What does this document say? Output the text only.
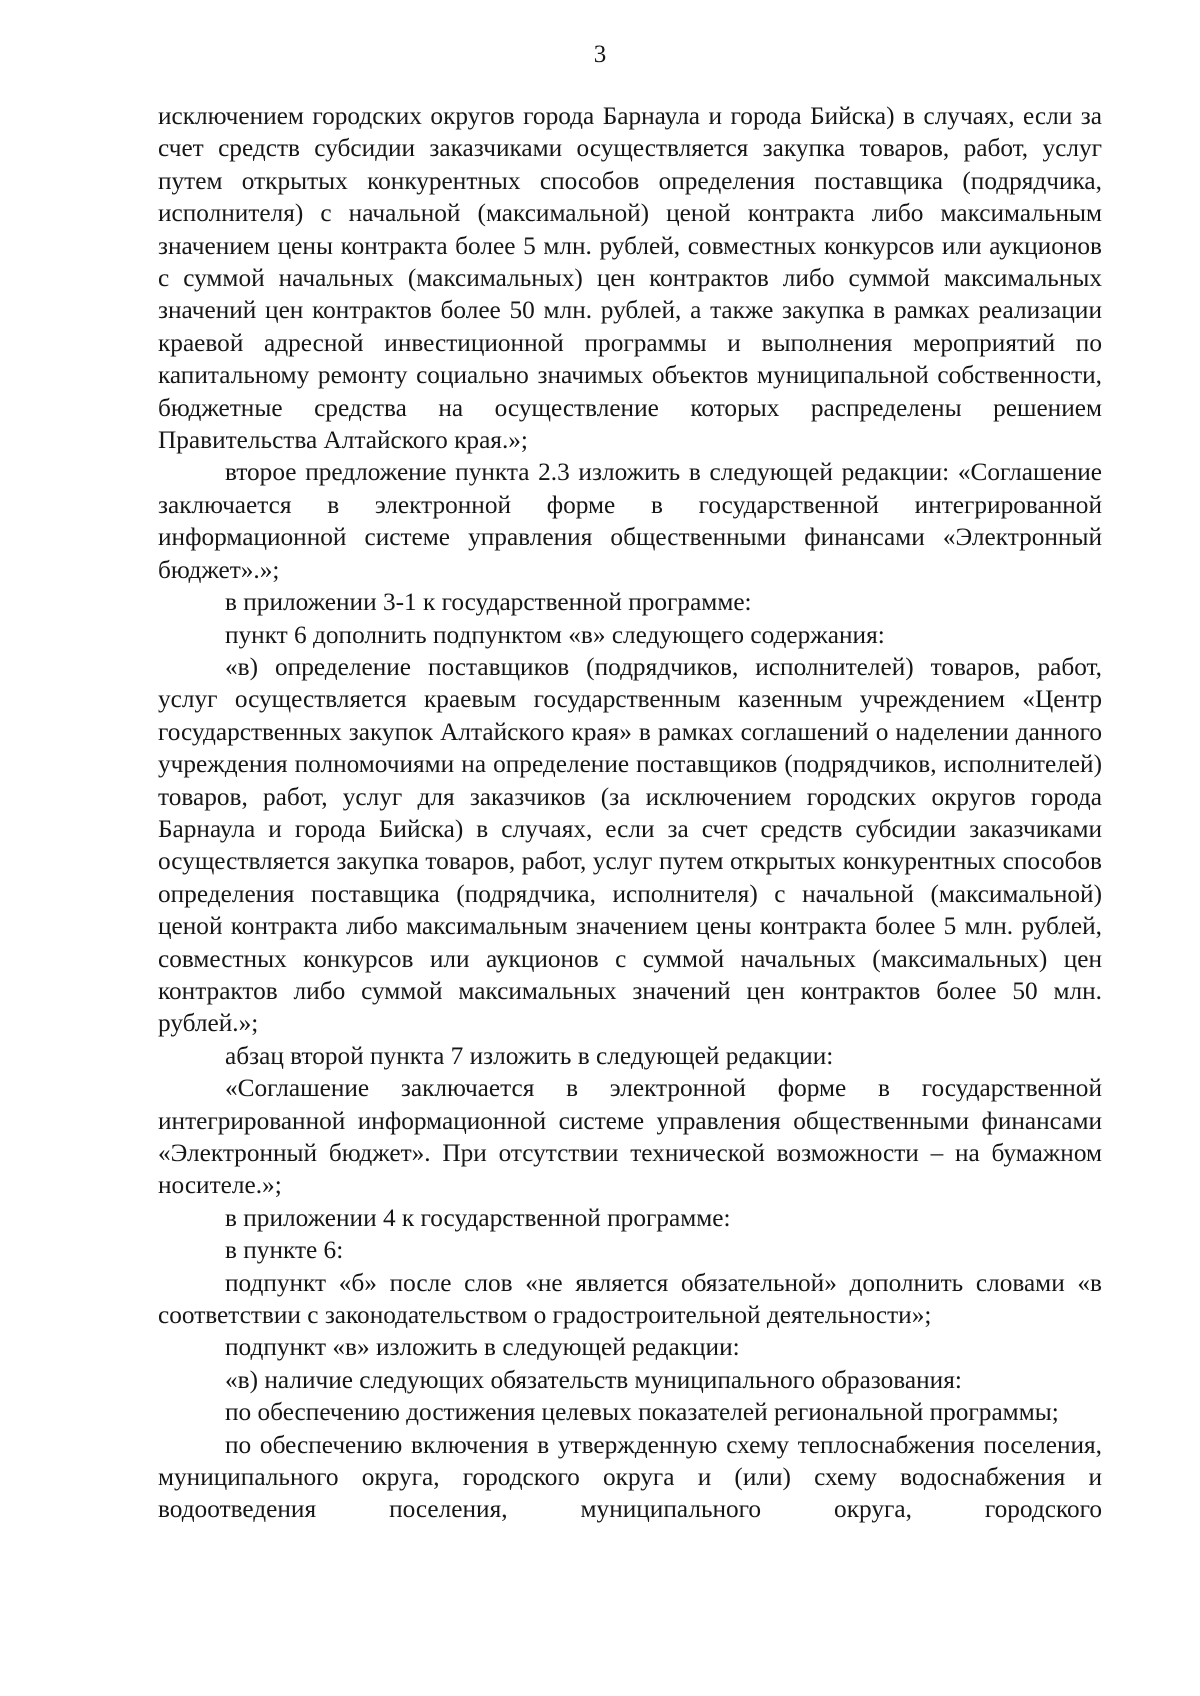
3

исключением городских округов города Барнаула и города Бийска) в случаях, если за счет средств субсидии заказчиками осуществляется закупка товаров, работ, услуг путем открытых конкурентных способов определения поставщика (подрядчика, исполнителя) с начальной (максимальной) ценой контракта либо максимальным значением цены контракта более 5 млн. рублей, совместных конкурсов или аукционов с суммой начальных (максимальных) цен контрактов либо суммой максимальных значений цен контрактов более 50 млн. рублей, а также закупка в рамках реализации краевой адресной инвестиционной программы и выполнения мероприятий по капитальному ремонту социально значимых объектов муниципальной собственности, бюджетные средства на осуществление которых распределены решением Правительства Алтайского края.»;

второе предложение пункта 2.3 изложить в следующей редакции: «Соглашение заключается в электронной форме в государственной интегрированной информационной системе управления общественными финансами «Электронный бюджет».»;

в приложении 3-1 к государственной программе:

пункт 6 дополнить подпунктом «в» следующего содержания:

«в) определение поставщиков (подрядчиков, исполнителей) товаров, работ, услуг осуществляется краевым государственным казенным учреждением «Центр государственных закупок Алтайского края» в рамках соглашений о наделении данного учреждения полномочиями на определение поставщиков (подрядчиков, исполнителей) товаров, работ, услуг для заказчиков (за исключением городских округов города Барнаула и города Бийска) в случаях, если за счет средств субсидии заказчиками осуществляется закупка товаров, работ, услуг путем открытых конкурентных способов определения поставщика (подрядчика, исполнителя) с начальной (максимальной) ценой контракта либо максимальным значением цены контракта более 5 млн. рублей, совместных конкурсов или аукционов с суммой начальных (максимальных) цен контрактов либо суммой максимальных значений цен контрактов более 50 млн. рублей.»;

абзац второй пункта 7 изложить в следующей редакции:

«Соглашение заключается в электронной форме в государственной интегрированной информационной системе управления общественными финансами «Электронный бюджет». При отсутствии технической возможности – на бумажном носителе.»;

в приложении 4 к государственной программе:

в пункте 6:

подпункт «б» после слов «не является обязательной» дополнить словами «в соответствии с законодательством о градостроительной деятельности»;

подпункт «в» изложить в следующей редакции:

«в) наличие следующих обязательств муниципального образования:

по обеспечению достижения целевых показателей региональной программы;

по обеспечению включения в утвержденную схему теплоснабжения поселения, муниципального округа, городского округа и (или) схему водоснабжения и водоотведения поселения, муниципального округа, городского
